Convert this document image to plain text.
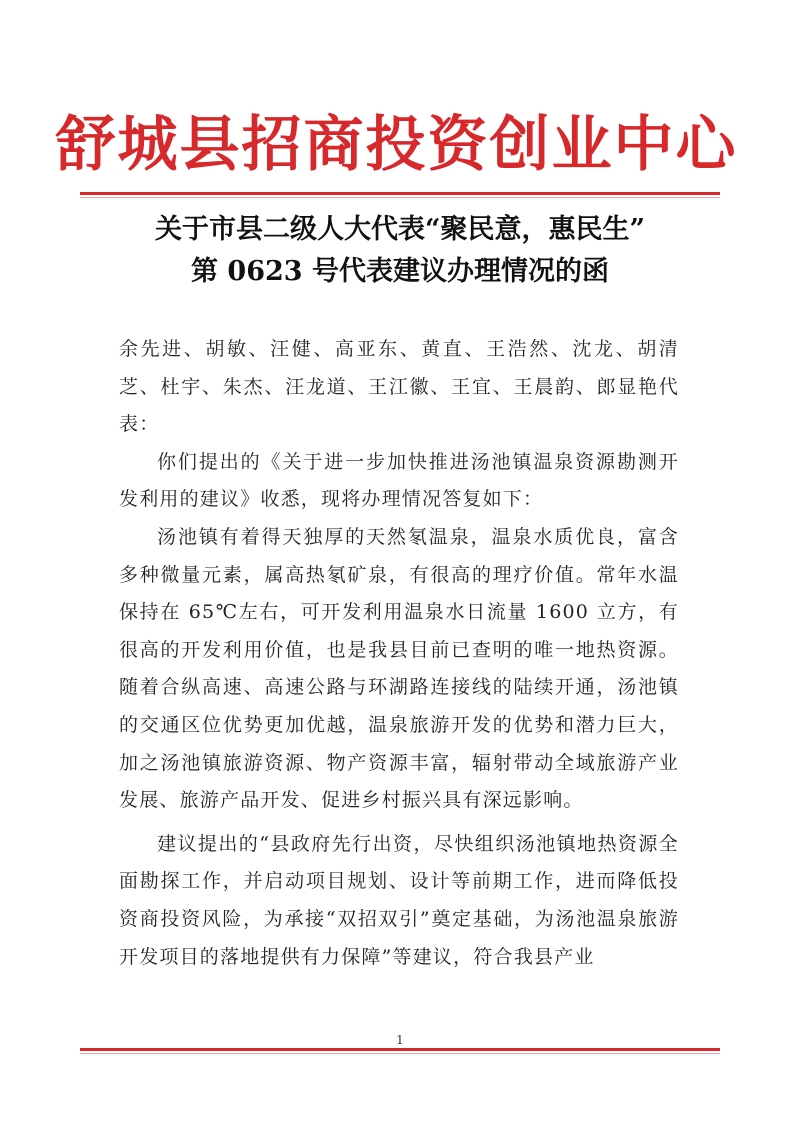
舒城县招商投资创业中心
关于市县二级人大代表“聚民意，惠民生”
第 0623 号代表建议办理情况的函

余先进、胡敏、汪健、高亚东、黄直、王浩然、沈龙、胡清芝、杜宇、朱杰、汪龙道、王江徽、王宜、王晨韵、郎显艳代表：

你们提出的《关于进一步加快推进汤池镇温泉资源勘测开发利用的建议》收悉，现将办理情况答复如下：

汤池镇有着得天独厚的天然氡温泉，温泉水质优良，富含多种微量元素，属高热氡矿泉，有很高的理疗价值。常年水温保持在 65℃左右，可开发利用温泉水日流量 1600 立方，有很高的开发利用价值，也是我县目前已查明的唯一地热资源。随着合纵高速、高速公路与环湖路连接线的陆续开通，汤池镇的交通区位优势更加优越，温泉旅游开发的优势和潜力巨大，加之汤池镇旅游资源、物产资源丰富，辐射带动全域旅游产业发展、旅游产品开发、促进乡村振兴具有深远影响。

建议提出的“县政府先行出资，尽快组织汤池镇地热资源全面勘探工作，并启动项目规划、设计等前期工作，进而降低投资商投资风险，为承接“双招双引”奠定基础，为汤池温泉旅游开发项目的落地提供有力保障”等建议，符合我县产业

1
